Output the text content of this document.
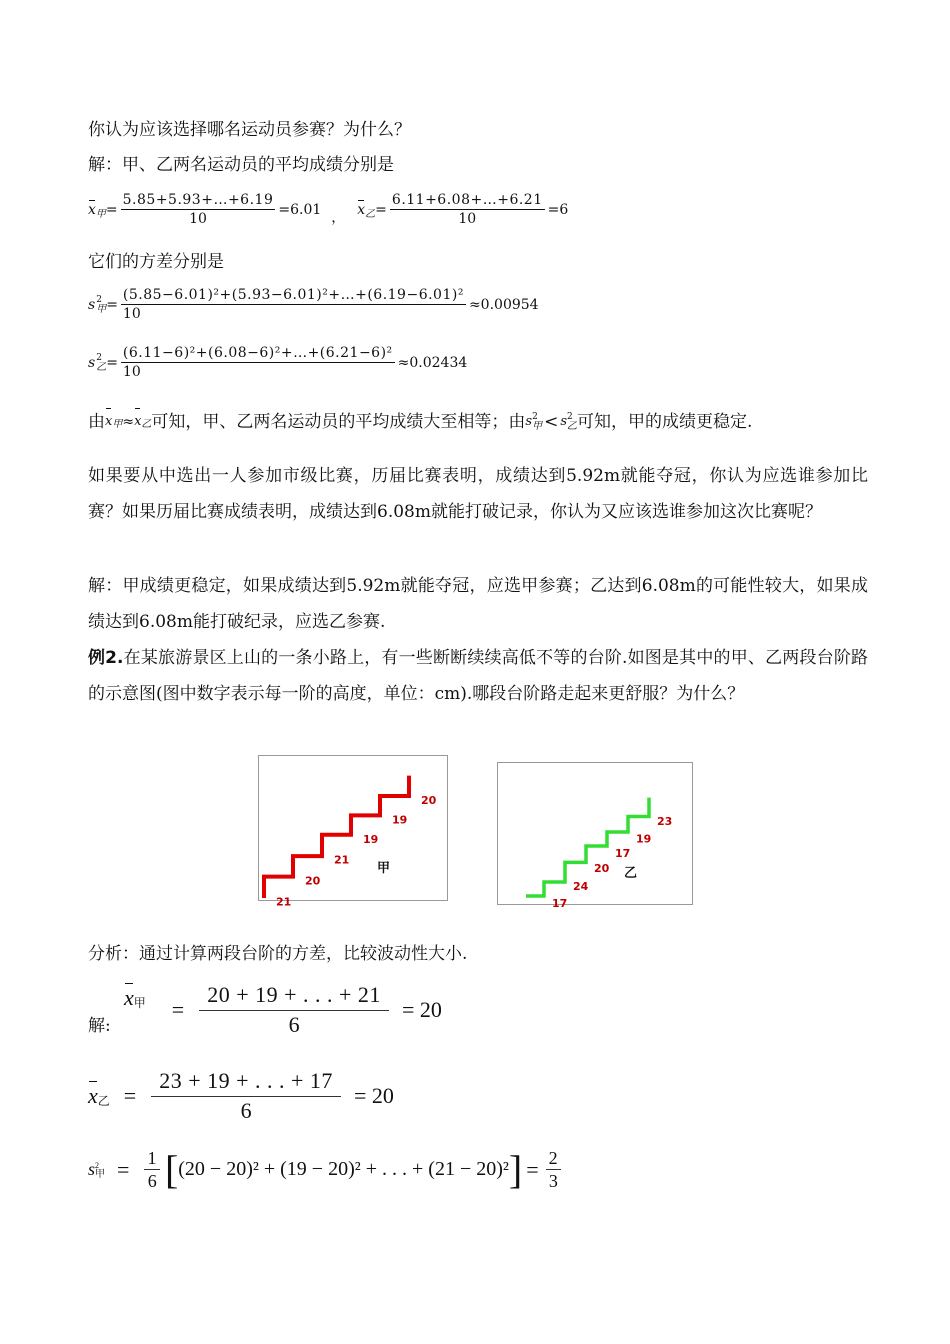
你认为应该选择哪名运动员参赛？为什么？
解：甲、乙两名运动员的平均成绩分别是
x 甲 = $\frac{5.85+5.93+\dots+6.19}{10} =6.01$ ， x 乙 = $\frac{6.11+6.08+\dots+6.21}{10} =6$
它们的方差分别是
s 2
甲 = $\frac{\text{(5.85−6.01)²+(5.93−6.01)²+…+(6.19−6.01)²}}{10} \approx 0.00954$
s 2
乙 = $\frac{\text{(6.11−6)²+(6.08−6)²+…+(6.21−6)²}}{10} \approx 0.02434$
由 x 甲 ≈ x 乙 可知，甲、乙两名运动员的平均成绩大至相等；由 s 2
甲 < s 2
乙 可知，甲的成绩更稳定.
如果要从中选出一人参加市级比赛，历届比赛表明，成绩达到5.92m就能夺冠，你认为应选谁参加比赛？如果历届比赛成绩表明，成绩达到6.08m就能打破记录，你认为又应该选谁参加这次比赛呢？
解：甲成绩更稳定，如果成绩达到5.92m就能夺冠，应选甲参赛；乙达到6.08m的可能性较大，如果成绩达到6.08m能打破纪录，应选乙参赛.
例2.在某旅游景区上山的一条小路上，有一些断断续续高低不等的台阶.如图是其中的甲、乙两段台阶路的示意图(图中数字表示每一阶的高度，单位：cm).哪段台阶路走起来更舒服？为什么？
21
20
21
19
19
20
甲
17
24
20
17
19
23
乙
分析：通过计算两段台阶的方差，比较波动性大小.
x 甲
解:
= $\frac{20 + 19 + . . . + 21}{6} = 20$
x 乙 = $\frac{23 + 19 + . . . + 17}{6} = 20$
s 2
甲 = $\frac{1}{6}$ [ (20 − 20)² + (19 − 20)² + . . . + (21 − 20)² ] = $\frac{2}{3}$
